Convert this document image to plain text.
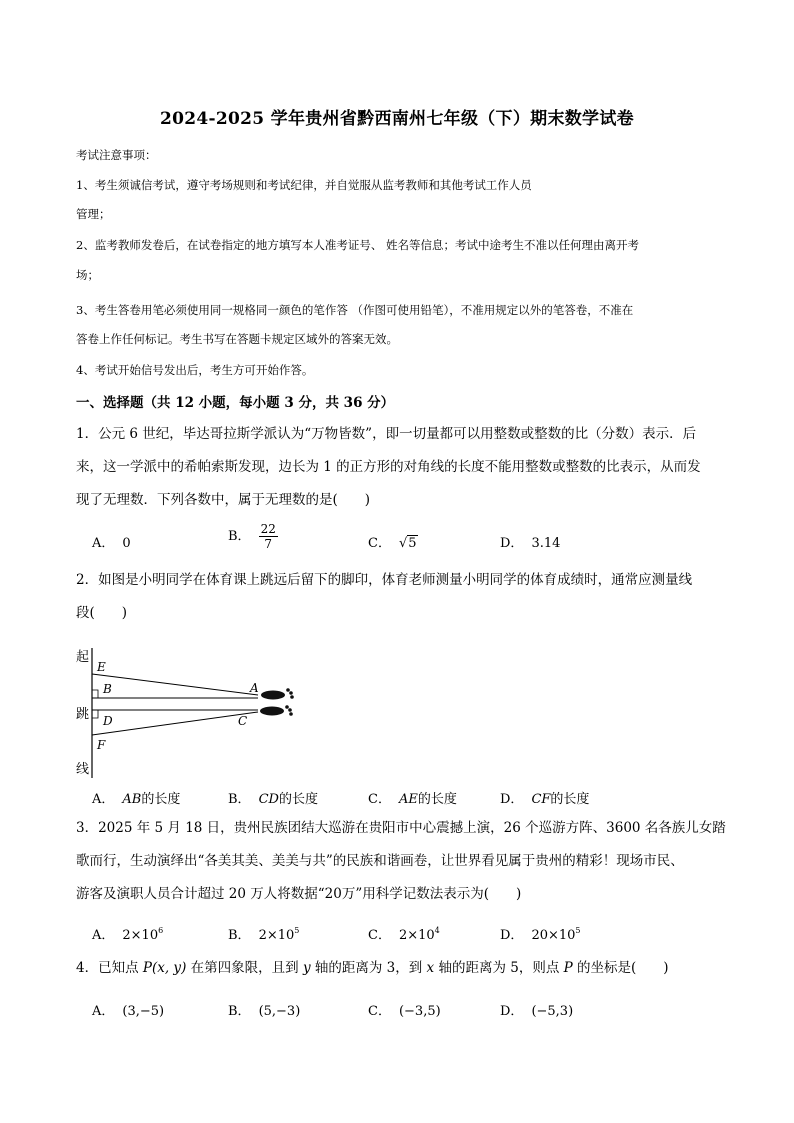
2024-2025 学年贵州省黔西南州七年级（下）期末数学试卷
考试注意事项：
1、考生须诚信考试，遵守考场规则和考试纪律，并自觉服从监考教师和其他考试工作人员
管理；
2、监考教师发卷后，在试卷指定的地方填写本人准考证号、 姓名等信息；考试中途考生不准以任何理由离开考
场；
3、考生答卷用笔必须使用同一规格同一颜色的笔作答 （作图可使用铅笔），不准用规定以外的笔答卷，不准在
答卷上作任何标记。考生书写在答题卡规定区域外的答案无效。
4、考试开始信号发出后，考生方可开始作答。
一、选择题（共 12 小题，每小题 3 分，共 36 分）
1．公元 6 世纪，毕达哥拉斯学派认为“万物皆数”，即一切量都可以用整数或整数的比（分数）表示．后
来，这一学派中的希帕索斯发现，边长为 1 的正方形的对角线的长度不能用整数或整数的比表示，从而发
现了无理数．下列各数中，属于无理数的是(　　)
A． 0	B． $\frac{22}{7}$	C． √5	D． 3.14
2．如图是小明同学在体育课上跳远后留下的脚印，体育老师测量小明同学的体育成绩时，通常应测量线
段(　　)
起
跳
线
E
B
D
F
A
C
A． AB的长度	B． CD的长度	C． AE的长度	D． CF的长度
3．2025 年 5 月 18 日，贵州民族团结大巡游在贵阳市中心震撼上演，26 个巡游方阵、3600 名各族儿女踏
歌而行，生动演绎出“各美其美、美美与共”的民族和谐画卷，让世界看见属于贵州的精彩！现场市民、
游客及演职人员合计超过 20 万人将数据“20万”用科学记数法表示为(　　)
A． $2\times 10^6$	B． $2\times 10^5$	C． $2\times 10^4$	D． $20\times 10^5$
4．已知点 P(x, y) 在第四象限，且到 y 轴的距离为 3，到 x 轴的距离为 5，则点 P 的坐标是(　　)
A． (3,−5)	B． (5,−3)	C． (−3,5)	D． (−5,3)
